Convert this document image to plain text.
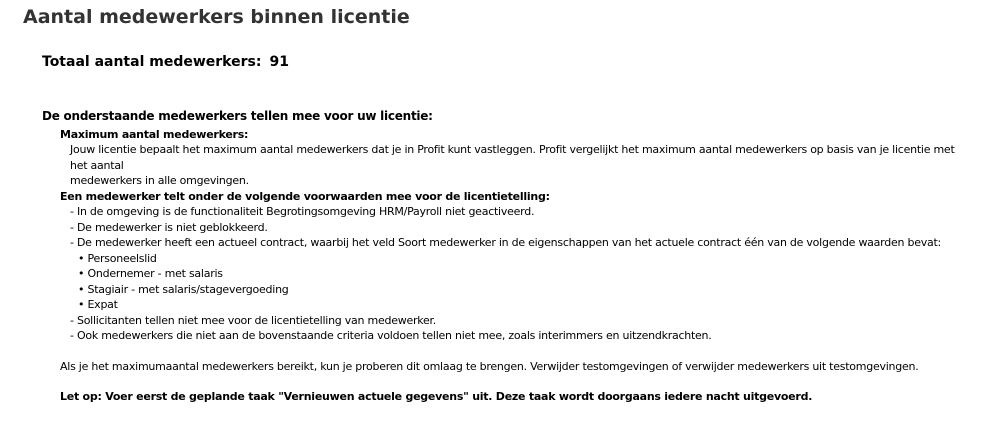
Aantal medewerkers binnen licentie
Totaal aantal medewerkers: 91
De onderstaande medewerkers tellen mee voor uw licentie:
Maximum aantal medewerkers:
Jouw licentie bepaalt het maximum aantal medewerkers dat je in Profit kunt vastleggen. Profit vergelijkt het maximum aantal medewerkers op basis van je licentie met het aantal
medewerkers in alle omgevingen.
Een medewerker telt onder de volgende voorwaarden mee voor de licentietelling:
- In de omgeving is de functionaliteit Begrotingsomgeving HRM/Payroll niet geactiveerd.
- De medewerker is niet geblokkeerd.
- De medewerker heeft een actueel contract, waarbij het veld Soort medewerker in de eigenschappen van het actuele contract één van de volgende waarden bevat:
• Personeelslid
• Ondernemer - met salaris
• Stagiair - met salaris/stagevergoeding
• Expat
- Sollicitanten tellen niet mee voor de licentietelling van medewerker.
- Ook medewerkers die niet aan de bovenstaande criteria voldoen tellen niet mee, zoals interimmers en uitzendkrachten.
Als je het maximumaantal medewerkers bereikt, kun je proberen dit omlaag te brengen. Verwijder testomgevingen of verwijder medewerkers uit testomgevingen.
Let op: Voer eerst de geplande taak "Vernieuwen actuele gegevens" uit. Deze taak wordt doorgaans iedere nacht uitgevoerd.
